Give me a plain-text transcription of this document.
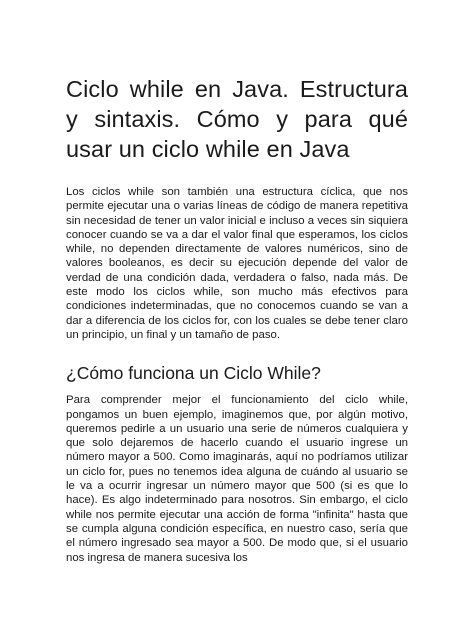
Ciclo while en Java. Estructura y sintaxis. Cómo y para qué usar un ciclo while en Java

Los ciclos while son también una estructura cíclica, que nos permite ejecutar una o varias líneas de código de manera repetitiva sin necesidad de tener un valor inicial e incluso a veces sin siquiera conocer cuando se va a dar el valor final que esperamos, los ciclos while, no dependen directamente de valores numéricos, sino de valores booleanos, es decir su ejecución depende del valor de verdad de una condición dada, verdadera o falso, nada más. De este modo los ciclos while, son mucho más efectivos para condiciones indeterminadas, que no conocemos cuando se van a dar a diferencia de los ciclos for, con los cuales se debe tener claro un principio, un final y un tamaño de paso.

¿Cómo funciona un Ciclo While?

Para comprender mejor el funcionamiento del ciclo while, pongamos un buen ejemplo, imaginemos que, por algún motivo, queremos pedirle a un usuario una serie de números cualquiera y que solo dejaremos de hacerlo cuando el usuario ingrese un número mayor a 500. Como imaginarás, aquí no podríamos utilizar un ciclo for, pues no tenemos idea alguna de cuándo al usuario se le va a ocurrir ingresar un número mayor que 500 (si es que lo hace). Es algo indeterminado para nosotros. Sin embargo, el ciclo while nos permite ejecutar una acción de forma "infinita" hasta que se cumpla alguna condición específica, en nuestro caso, sería que el número ingresado sea mayor a 500. De modo que, si el usuario nos ingresa de manera sucesiva los
